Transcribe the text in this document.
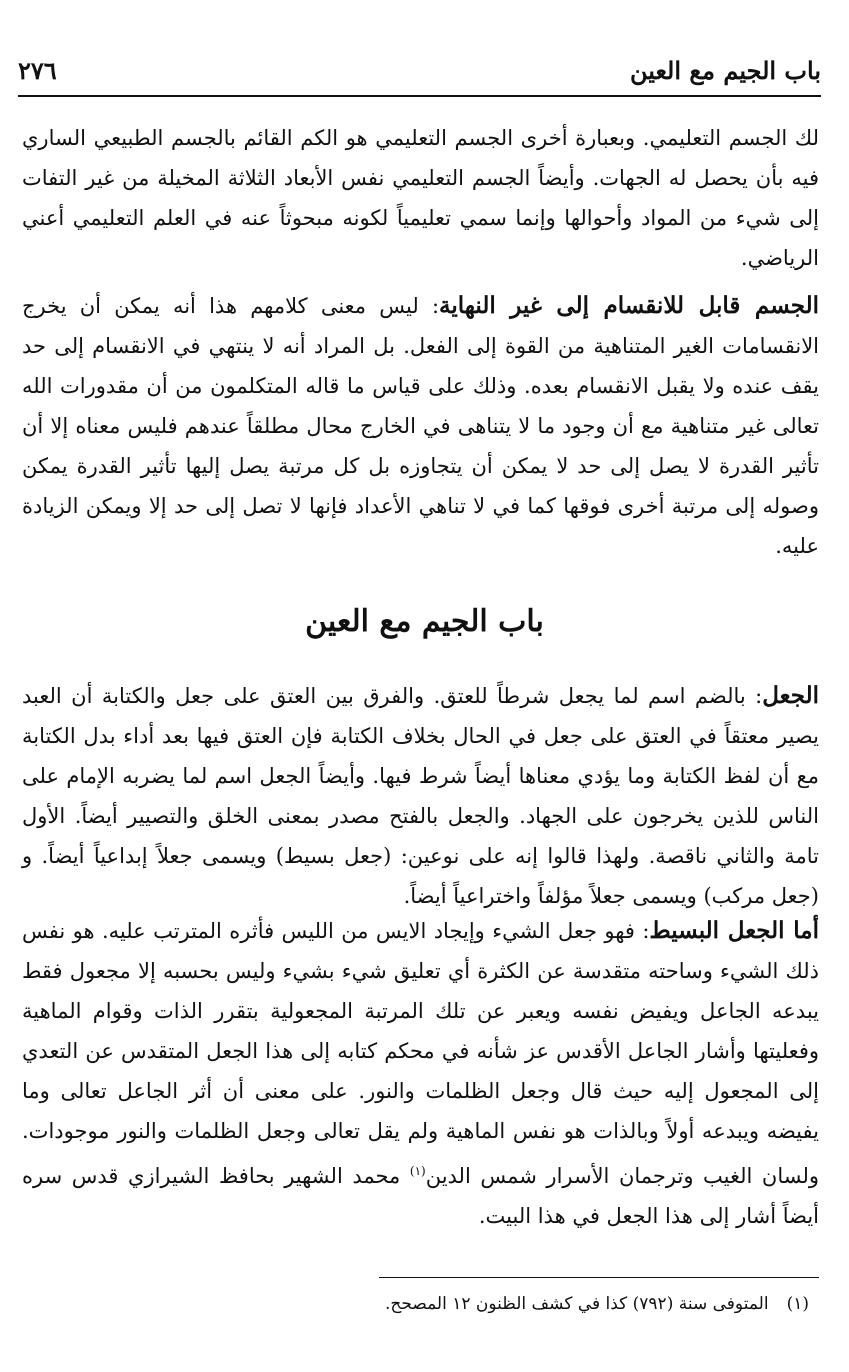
باب الجيم مع العين
٢٧٦

لك الجسم التعليمي. وبعبارة أخرى الجسم التعليمي هو الكم القائم بالجسم الطبيعي الساري فيه بأن يحصل له الجهات. وأيضاً الجسم التعليمي نفس الأبعاد الثلاثة المخيلة من غير التفات إلى شيء من المواد وأحوالها وإنما سمي تعليمياً لكونه مبحوثاً عنه في العلم التعليمي أعني الرياضي.

الجسم قابل للانقسام إلى غير النهاية: ليس معنى كلامهم هذا أنه يمكن أن يخرج الانقسامات الغير المتناهية من القوة إلى الفعل. بل المراد أنه لا ينتهي في الانقسام إلى حد يقف عنده ولا يقبل الانقسام بعده. وذلك على قياس ما قاله المتكلمون من أن مقدورات الله تعالى غير متناهية مع أن وجود ما لا يتناهى في الخارج محال مطلقاً عندهم فليس معناه إلا أن تأثير القدرة لا يصل إلى حد لا يمكن أن يتجاوزه بل كل مرتبة يصل إليها تأثير القدرة يمكن وصوله إلى مرتبة أخرى فوقها كما في لا تناهي الأعداد فإنها لا تصل إلى حد إلا ويمكن الزيادة عليه.

باب الجيم مع العين

الجعل: بالضم اسم لما يجعل شرطاً للعتق. والفرق بين العتق على جعل والكتابة أن العبد يصير معتقاً في العتق على جعل في الحال بخلاف الكتابة فإن العتق فيها بعد أداء بدل الكتابة مع أن لفظ الكتابة وما يؤدي معناها أيضاً شرط فيها. وأيضاً الجعل اسم لما يضربه الإمام على الناس للذين يخرجون على الجهاد. والجعل بالفتح مصدر بمعنى الخلق والتصيير أيضاً. الأول تامة والثاني ناقصة. ولهذا قالوا إنه على نوعين: (جعل بسيط) ويسمى جعلاً إبداعياً أيضاً. و (جعل مركب) ويسمى جعلاً مؤلفاً واختراعياً أيضاً.

أما الجعل البسيط: فهو جعل الشيء وإيجاد الايس من الليس فأثره المترتب عليه. هو نفس ذلك الشيء وساحته متقدسة عن الكثرة أي تعليق شيء بشيء وليس بحسبه إلا مجعول فقط يبدعه الجاعل ويفيض نفسه ويعبر عن تلك المرتبة المجعولية بتقرر الذات وقوام الماهية وفعليتها وأشار الجاعل الأقدس عز شأنه في محكم كتابه إلى هذا الجعل المتقدس عن التعدي إلى المجعول إليه حيث قال وجعل الظلمات والنور. على معنى أن أثر الجاعل تعالى وما يفيضه ويبدعه أولاً وبالذات هو نفس الماهية ولم يقل تعالى وجعل الظلمات والنور موجودات. ولسان الغيب وترجمان الأسرار شمس الدين$^{(١)}$ محمد الشهير بحافظ الشيرازي قدس سره أيضاً أشار إلى هذا الجعل في هذا البيت.

(١)المتوفى سنة (٧٩٢) كذا في كشف الظنون ١٢ المصحح.
